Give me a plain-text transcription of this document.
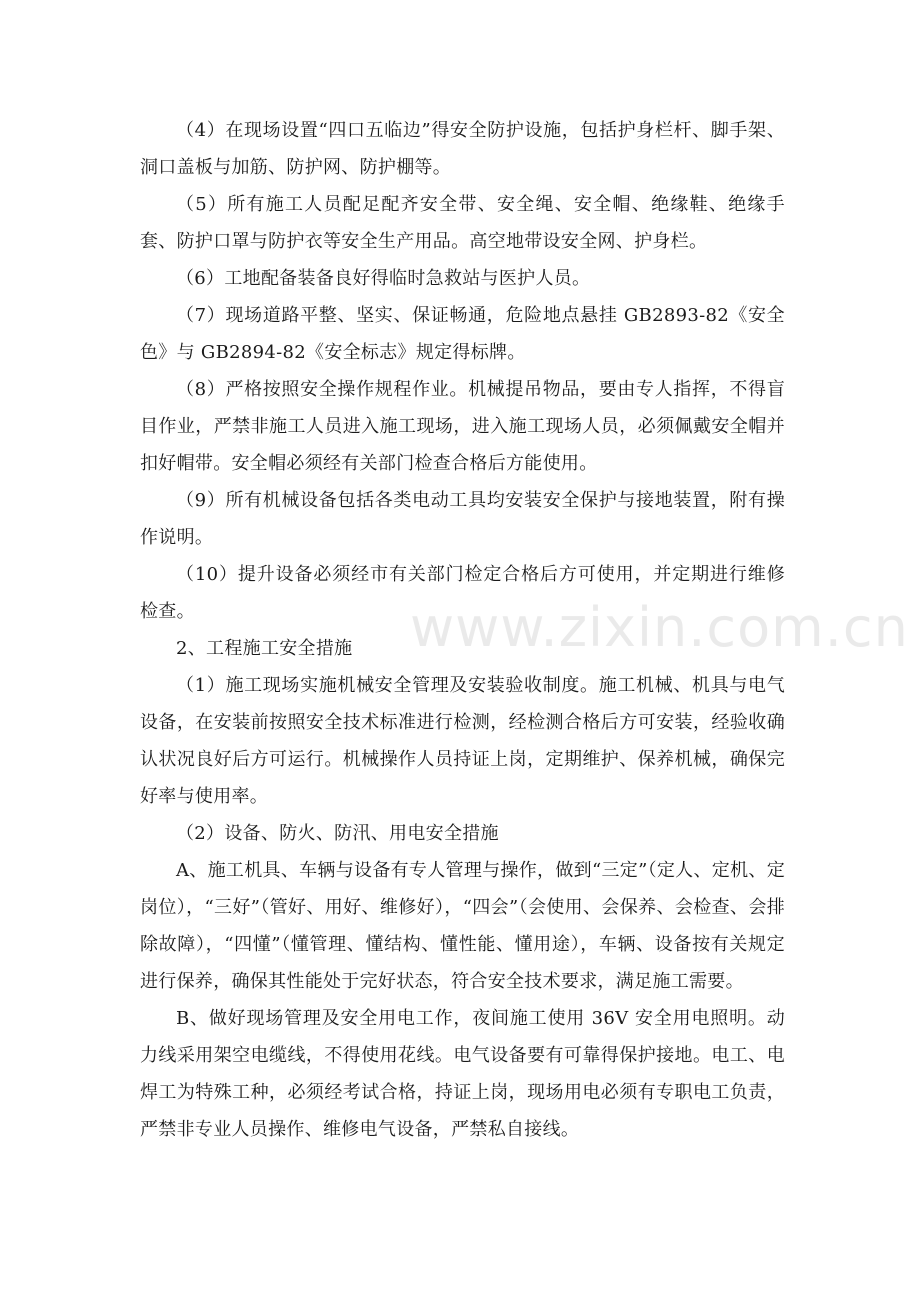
（4）在现场设置“四口五临边”得安全防护设施，包括护身栏杆、脚手架、洞口盖板与加筋、防护网、防护棚等。

（5）所有施工人员配足配齐安全带、安全绳、安全帽、绝缘鞋、绝缘手套、防护口罩与防护衣等安全生产用品。高空地带设安全网、护身栏。

（6）工地配备装备良好得临时急救站与医护人员。

（7）现场道路平整、坚实、保证畅通，危险地点悬挂 GB2893-82《安全色》与 GB2894-82《安全标志》规定得标牌。

（8）严格按照安全操作规程作业。机械提吊物品，要由专人指挥，不得盲目作业，严禁非施工人员进入施工现场，进入施工现场人员，必须佩戴安全帽并扣好帽带。安全帽必须经有关部门检查合格后方能使用。

（9）所有机械设备包括各类电动工具均安装安全保护与接地装置，附有操作说明。

（10）提升设备必须经市有关部门检定合格后方可使用，并定期进行维修检查。

2、工程施工安全措施

（1）施工现场实施机械安全管理及安装验收制度。施工机械、机具与电气设备，在安装前按照安全技术标准进行检测，经检测合格后方可安装，经验收确认状况良好后方可运行。机械操作人员持证上岗，定期维护、保养机械，确保完好率与使用率。

（2）设备、防火、防汛、用电安全措施

A、施工机具、车辆与设备有专人管理与操作，做到“三定”（定人、定机、定岗位），“三好”（管好、用好、维修好），“四会”（会使用、会保养、会检查、会排除故障），“四懂”（懂管理、懂结构、懂性能、懂用途），车辆、设备按有关规定进行保养，确保其性能处于完好状态，符合安全技术要求，满足施工需要。

B、做好现场管理及安全用电工作，夜间施工使用 36V 安全用电照明。动力线采用架空电缆线，不得使用花线。电气设备要有可靠得保护接地。电工、电焊工为特殊工种，必须经考试合格，持证上岗，现场用电必须有专职电工负责，严禁非专业人员操作、维修电气设备，严禁私自接线。

www.zixin.com.cn
